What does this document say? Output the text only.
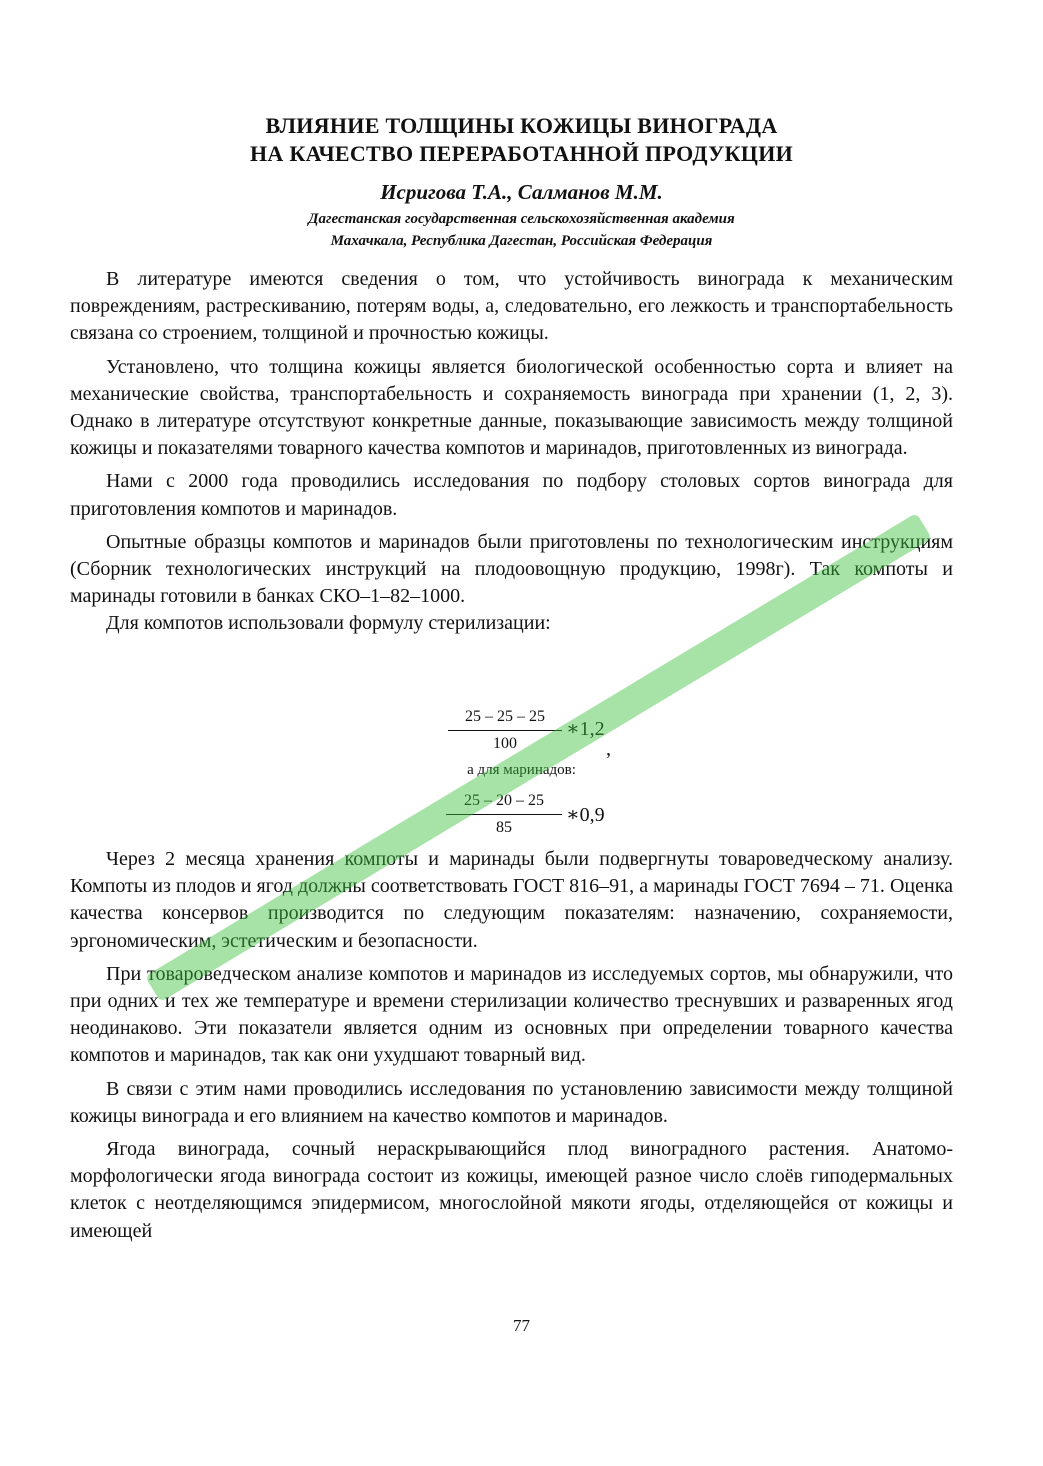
ВЛИЯНИЕ ТОЛЩИНЫ КОЖИЦЫ ВИНОГРАДА
НА КАЧЕСТВО ПЕРЕРАБОТАННОЙ ПРОДУКЦИИ
Исригова Т.А., Салманов М.М.
Дагестанская государственная сельскохозяйственная академия
Махачкала, Республика Дагестан, Российская Федерация

В литературе имеются сведения о том, что устойчивость винограда к механическим повреждениям, растрескиванию, потерям воды, а, следовательно, его лежкость и транспортабельность связана со строением, толщиной и прочностью кожицы.

Установлено, что толщина кожицы является биологической особенностью сорта и влияет на механические свойства, транспортабельность и сохраняемость винограда при хранении (1, 2, 3). Однако в литературе отсутствуют конкретные данные, показывающие зависимость между толщиной кожицы и показателями товарного качества компотов и маринадов, приготовленных из винограда.

Нами с 2000 года проводились исследования по подбору столовых сортов винограда для приготовления компотов и маринадов.

Опытные образцы компотов и маринадов были приготовлены по технологическим инструкциям (Сборник технологических инструкций на плодоовощную продукцию, 1998г). Так компоты и маринады готовили в банках СКО–1–82–1000.

Для компотов использовали формулу стерилизации:

$\frac{25 - 25 - 25}{100}$ ∗1,2
,
а для маринадов:
$\frac{25 - 20 - 25}{85}$ ∗0,9

Через 2 месяца хранения компоты и маринады были подвергнуты товароведческому анализу. Компоты из плодов и ягод должны соответствовать ГОСТ 816–91, а маринады ГОСТ 7694 – 71. Оценка качества консервов производится по следующим показателям: назначению, сохраняемости, эргономическим, эстетическим и безопасности.

При товароведческом анализе компотов и маринадов из исследуемых сортов, мы обнаружили, что при одних и тех же температуре и времени стерилизации количество треснувших и разваренных ягод неодинаково. Эти показатели является одним из основных при определении товарного качества компотов и маринадов, так как они ухудшают товарный вид.

В связи с этим нами проводились исследования по установлению зависимости между толщиной кожицы винограда и его влиянием на качество компотов и маринадов.

Ягода винограда, сочный нераскрывающийся плод виноградного растения. Анатомо-морфологически ягода винограда состоит из кожицы, имеющей разное число слоёв гиподермальных клеток с неотделяющимся эпидермисом, многослойной мякоти ягоды, отделяющейся от кожицы и имеющей

77
